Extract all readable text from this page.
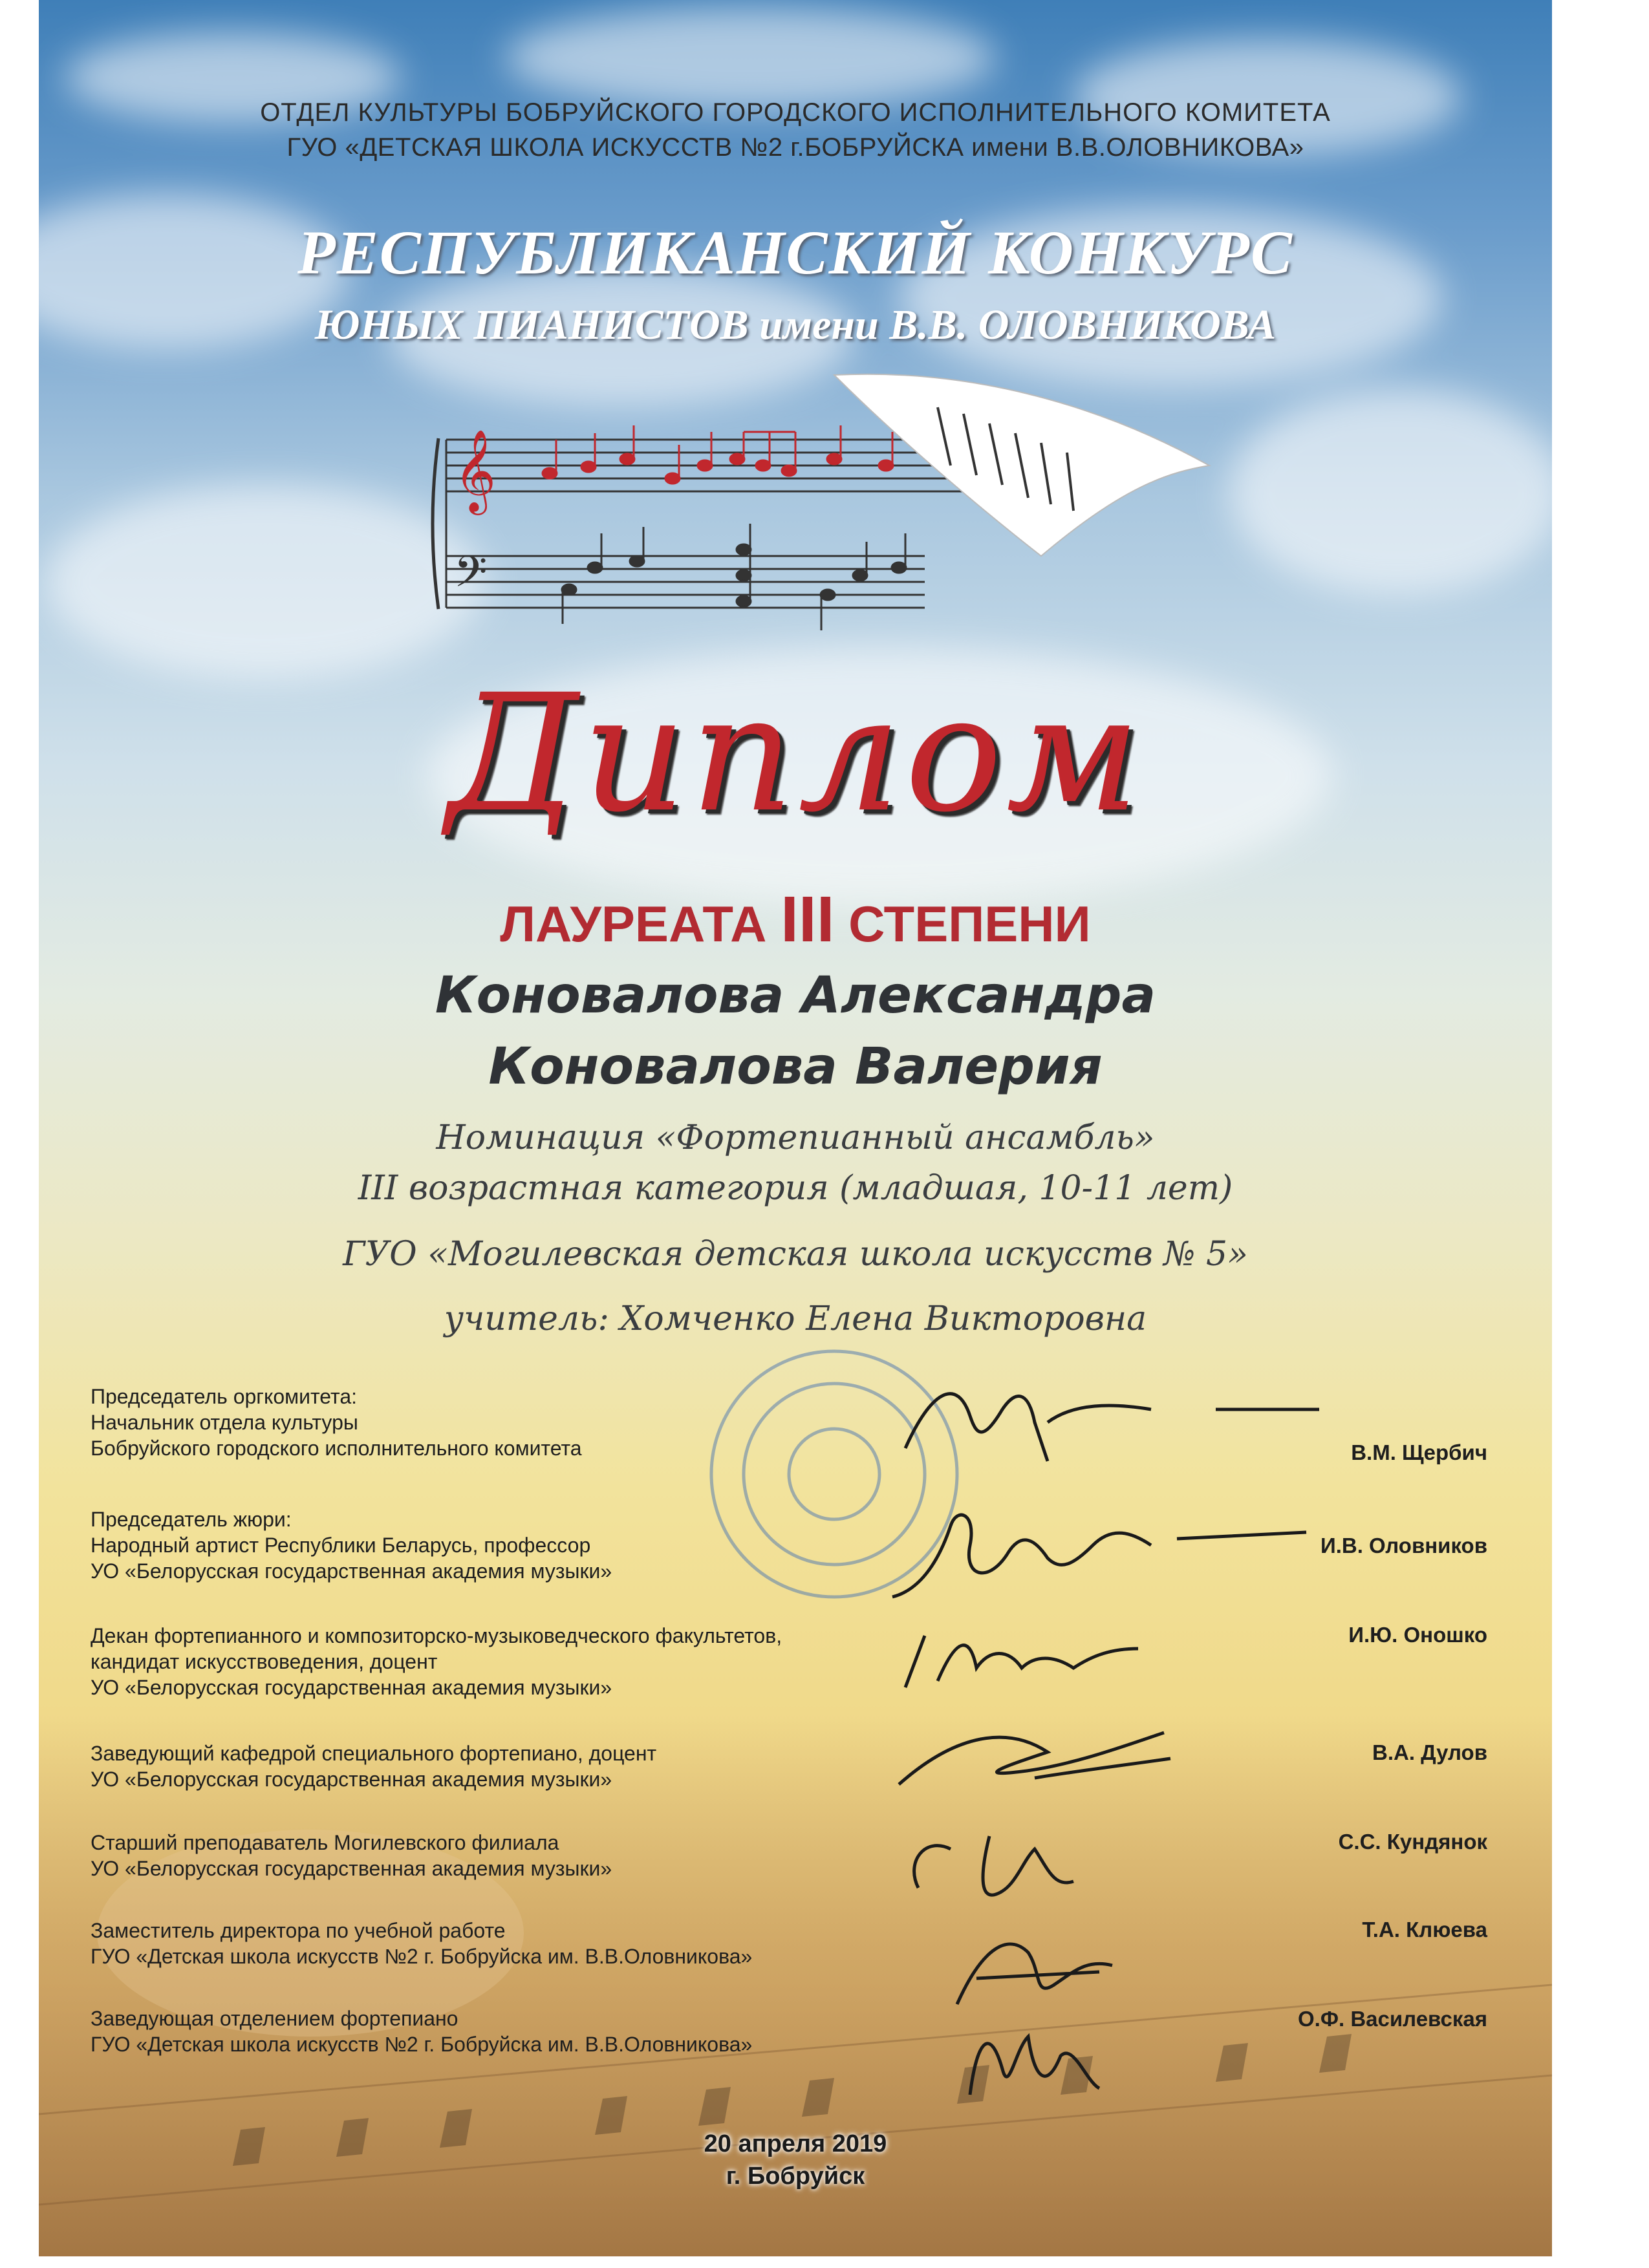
ОТДЕЛ КУЛЬТУРЫ БОБРУЙСКОГО ГОРОДСКОГО ИСПОЛНИТЕЛЬНОГО КОМИТЕТА
ГУО «ДЕТСКАЯ ШКОЛА ИСКУССТВ №2 г.БОБРУЙСКА имени В.В.ОЛОВНИКОВА»
РЕСПУБЛИКАНСКИЙ КОНКУРС
ЮНЫХ ПИАНИСТОВ имени В.В. ОЛОВНИКОВА
𝄞
𝄢
Диплом
ЛАУРЕАТА III СТЕПЕНИ
Коновалова Александра
Коновалова Валерия
Номинация «Фортепианный ансамбль»
III возрастная категория (младшая, 10-11 лет)
ГУО «Могилевская детская школа искусств № 5»
учитель: Хомченко Елена Викторовна
Председатель оргкомитета:
Начальник отдела культуры
Бобруйского городского исполнительного комитета	В.М. Щербич
Председатель жюри:
Народный артист Республики Беларусь, профессор
УО «Белорусская государственная академия музыки»
И.В. Оловников
Декан фортепианного и композиторско-музыковедческого факультетов,
кандидат искусствоведения, доцент
УО «Белорусская государственная академия музыки»
И.Ю. Оношко
Заведующий кафедрой специального фортепиано, доцент
УО «Белорусская государственная академия музыки»
В.А. Дулов
Старший преподаватель Могилевского филиала
УО «Белорусская государственная академия музыки»
С.С. Кундянок
Заместитель директора по учебной работе
ГУО «Детская школа искусств №2 г. Бобруйска им. В.В.Оловникова»
Т.А. Клюева
Заведующая отделением фортепиано
ГУО «Детская школа искусств №2 г. Бобруйска им. В.В.Оловникова»
О.Ф. Василевская
20 апреля 2019
г. Бобруйск
